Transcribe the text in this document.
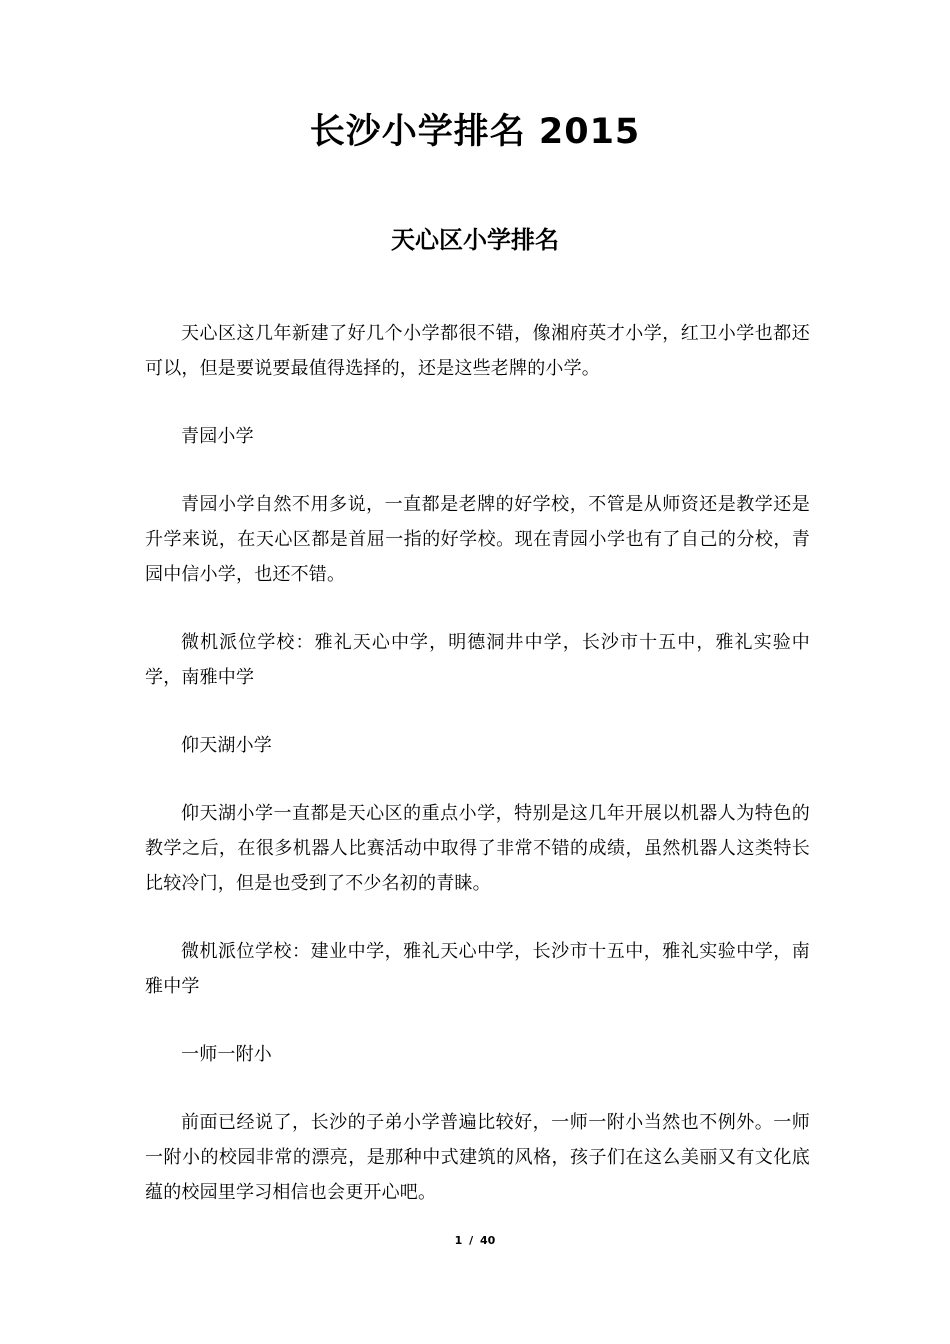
长沙小学排名 2015
天心区小学排名

天心区这几年新建了好几个小学都很不错，像湘府英才小学，红卫小学也都还可以，但是要说要最值得选择的，还是这些老牌的小学。

青园小学

青园小学自然不用多说，一直都是老牌的好学校，不管是从师资还是教学还是升学来说，在天心区都是首屈一指的好学校。现在青园小学也有了自己的分校，青园中信小学，也还不错。

微机派位学校：雅礼天心中学，明德洞井中学，长沙市十五中，雅礼实验中学，南雅中学

仰天湖小学

仰天湖小学一直都是天心区的重点小学，特别是这几年开展以机器人为特色的教学之后，在很多机器人比赛活动中取得了非常不错的成绩，虽然机器人这类特长比较冷门，但是也受到了不少名初的青睐。

微机派位学校：建业中学，雅礼天心中学，长沙市十五中，雅礼实验中学，南雅中学

一师一附小

前面已经说了，长沙的子弟小学普遍比较好，一师一附小当然也不例外。一师一附小的校园非常的漂亮，是那种中式建筑的风格，孩子们在这么美丽又有文化底蕴的校园里学习相信也会更开心吧。

1 / 40
